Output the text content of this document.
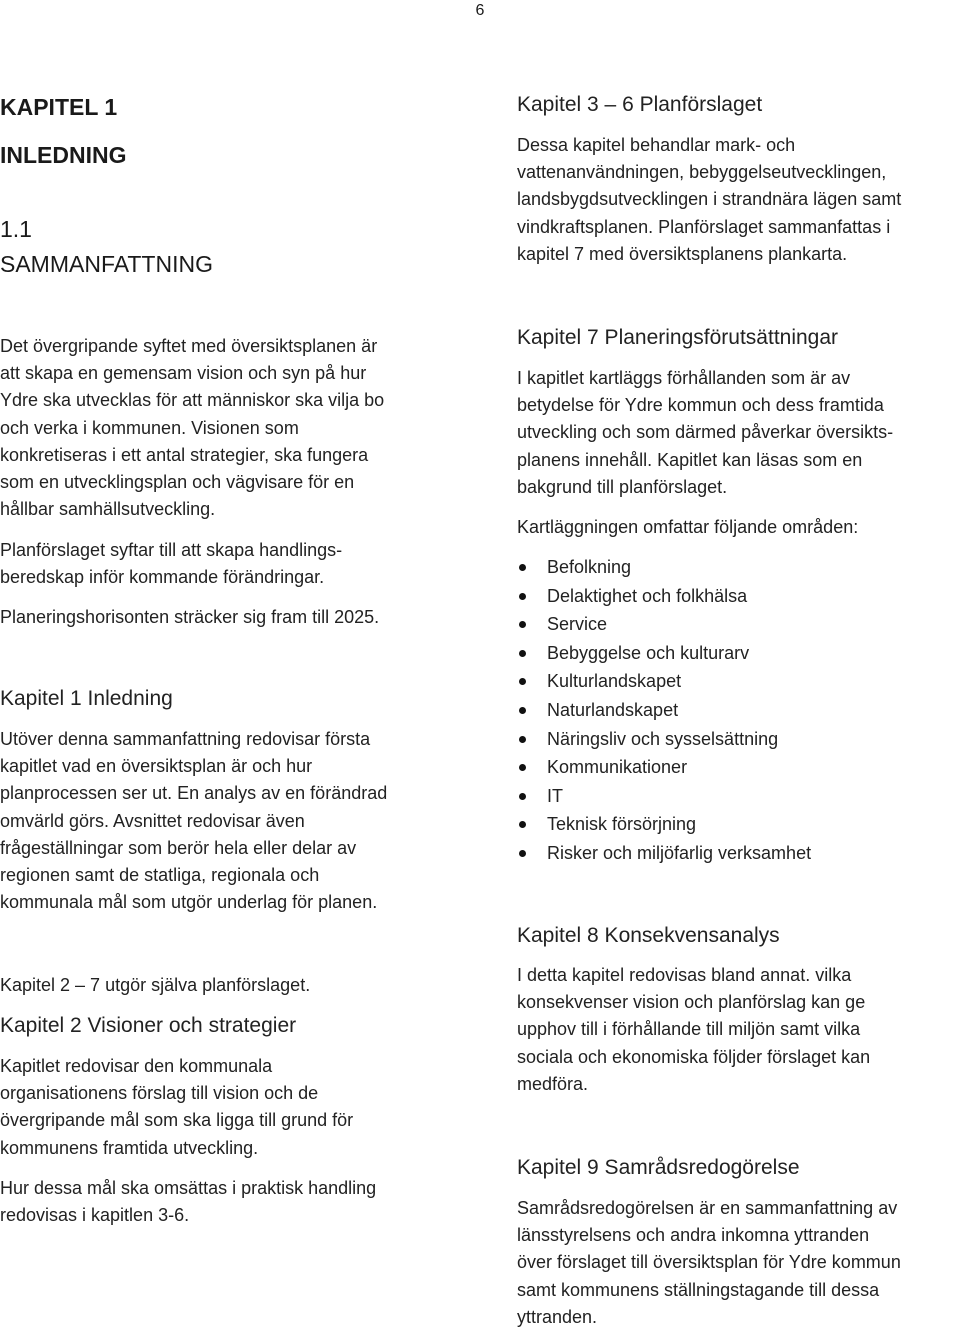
6
KAPITEL 1
INLEDNING
1.1
SAMMANFATTNING

Det övergripande syftet med översiktsplanen är

att skapa en gemensam vision och syn på hur

Ydre ska utvecklas för att människor ska vilja bo

och verka i kommunen. Visionen som

konkretiseras i ett antal strategier, ska fungera

som en utvecklingsplan och vägvisare för en

hållbar samhällsutveckling.

Planförslaget syftar till att skapa handlings-

beredskap inför kommande förändringar.

Planeringshorisonten sträcker sig fram till 2025.

Kapitel 1 Inledning

Utöver denna sammanfattning redovisar första

kapitlet vad en översiktsplan är och hur

planprocessen ser ut. En analys av en förändrad

omvärld görs. Avsnittet redovisar även

frågeställningar som berör hela eller delar av

regionen samt de statliga, regionala och

kommunala mål som utgör underlag för planen.

Kapitel 2 – 7 utgör själva planförslaget.

Kapitel 2 Visioner och strategier

Kapitlet redovisar den kommunala

organisationens förslag till vision och de

övergripande mål som ska ligga till grund för

kommunens framtida utveckling.

Hur dessa mål ska omsättas i praktisk handling

redovisas i kapitlen 3-6.

Kapitel 3 – 6 Planförslaget

Dessa kapitel behandlar mark- och

vattenanvändningen, bebyggelseutvecklingen,

landsbygdsutvecklingen i strandnära lägen samt

vindkraftsplanen. Planförslaget sammanfattas i

kapitel 7 med översiktsplanens plankarta.

Kapitel 7 Planeringsförutsättningar

I kapitlet kartläggs förhållanden som är av

betydelse för Ydre kommun och dess framtida

utveckling och som därmed påverkar översikts-

planens innehåll. Kapitlet kan läsas som en

bakgrund till planförslaget.

Kartläggningen omfattar följande områden:

Befolkning
Delaktighet och folkhälsa
Service
Bebyggelse och kulturarv
Kulturlandskapet
Naturlandskapet
Näringsliv och sysselsättning
Kommunikationer
IT
Teknisk försörjning
Risker och miljöfarlig verksamhet
Kapitel 8 Konsekvensanalys

I detta kapitel redovisas bland annat. vilka

konsekvenser vision och planförslag kan ge

upphov till i förhållande till miljön samt vilka

sociala och ekonomiska följder förslaget kan

medföra.

Kapitel 9 Samrådsredogörelse

Samrådsredogörelsen är en sammanfattning av

länsstyrelsens och andra inkomna yttranden

över förslaget till översiktsplan för Ydre kommun

samt kommunens ställningstagande till dessa

yttranden.
